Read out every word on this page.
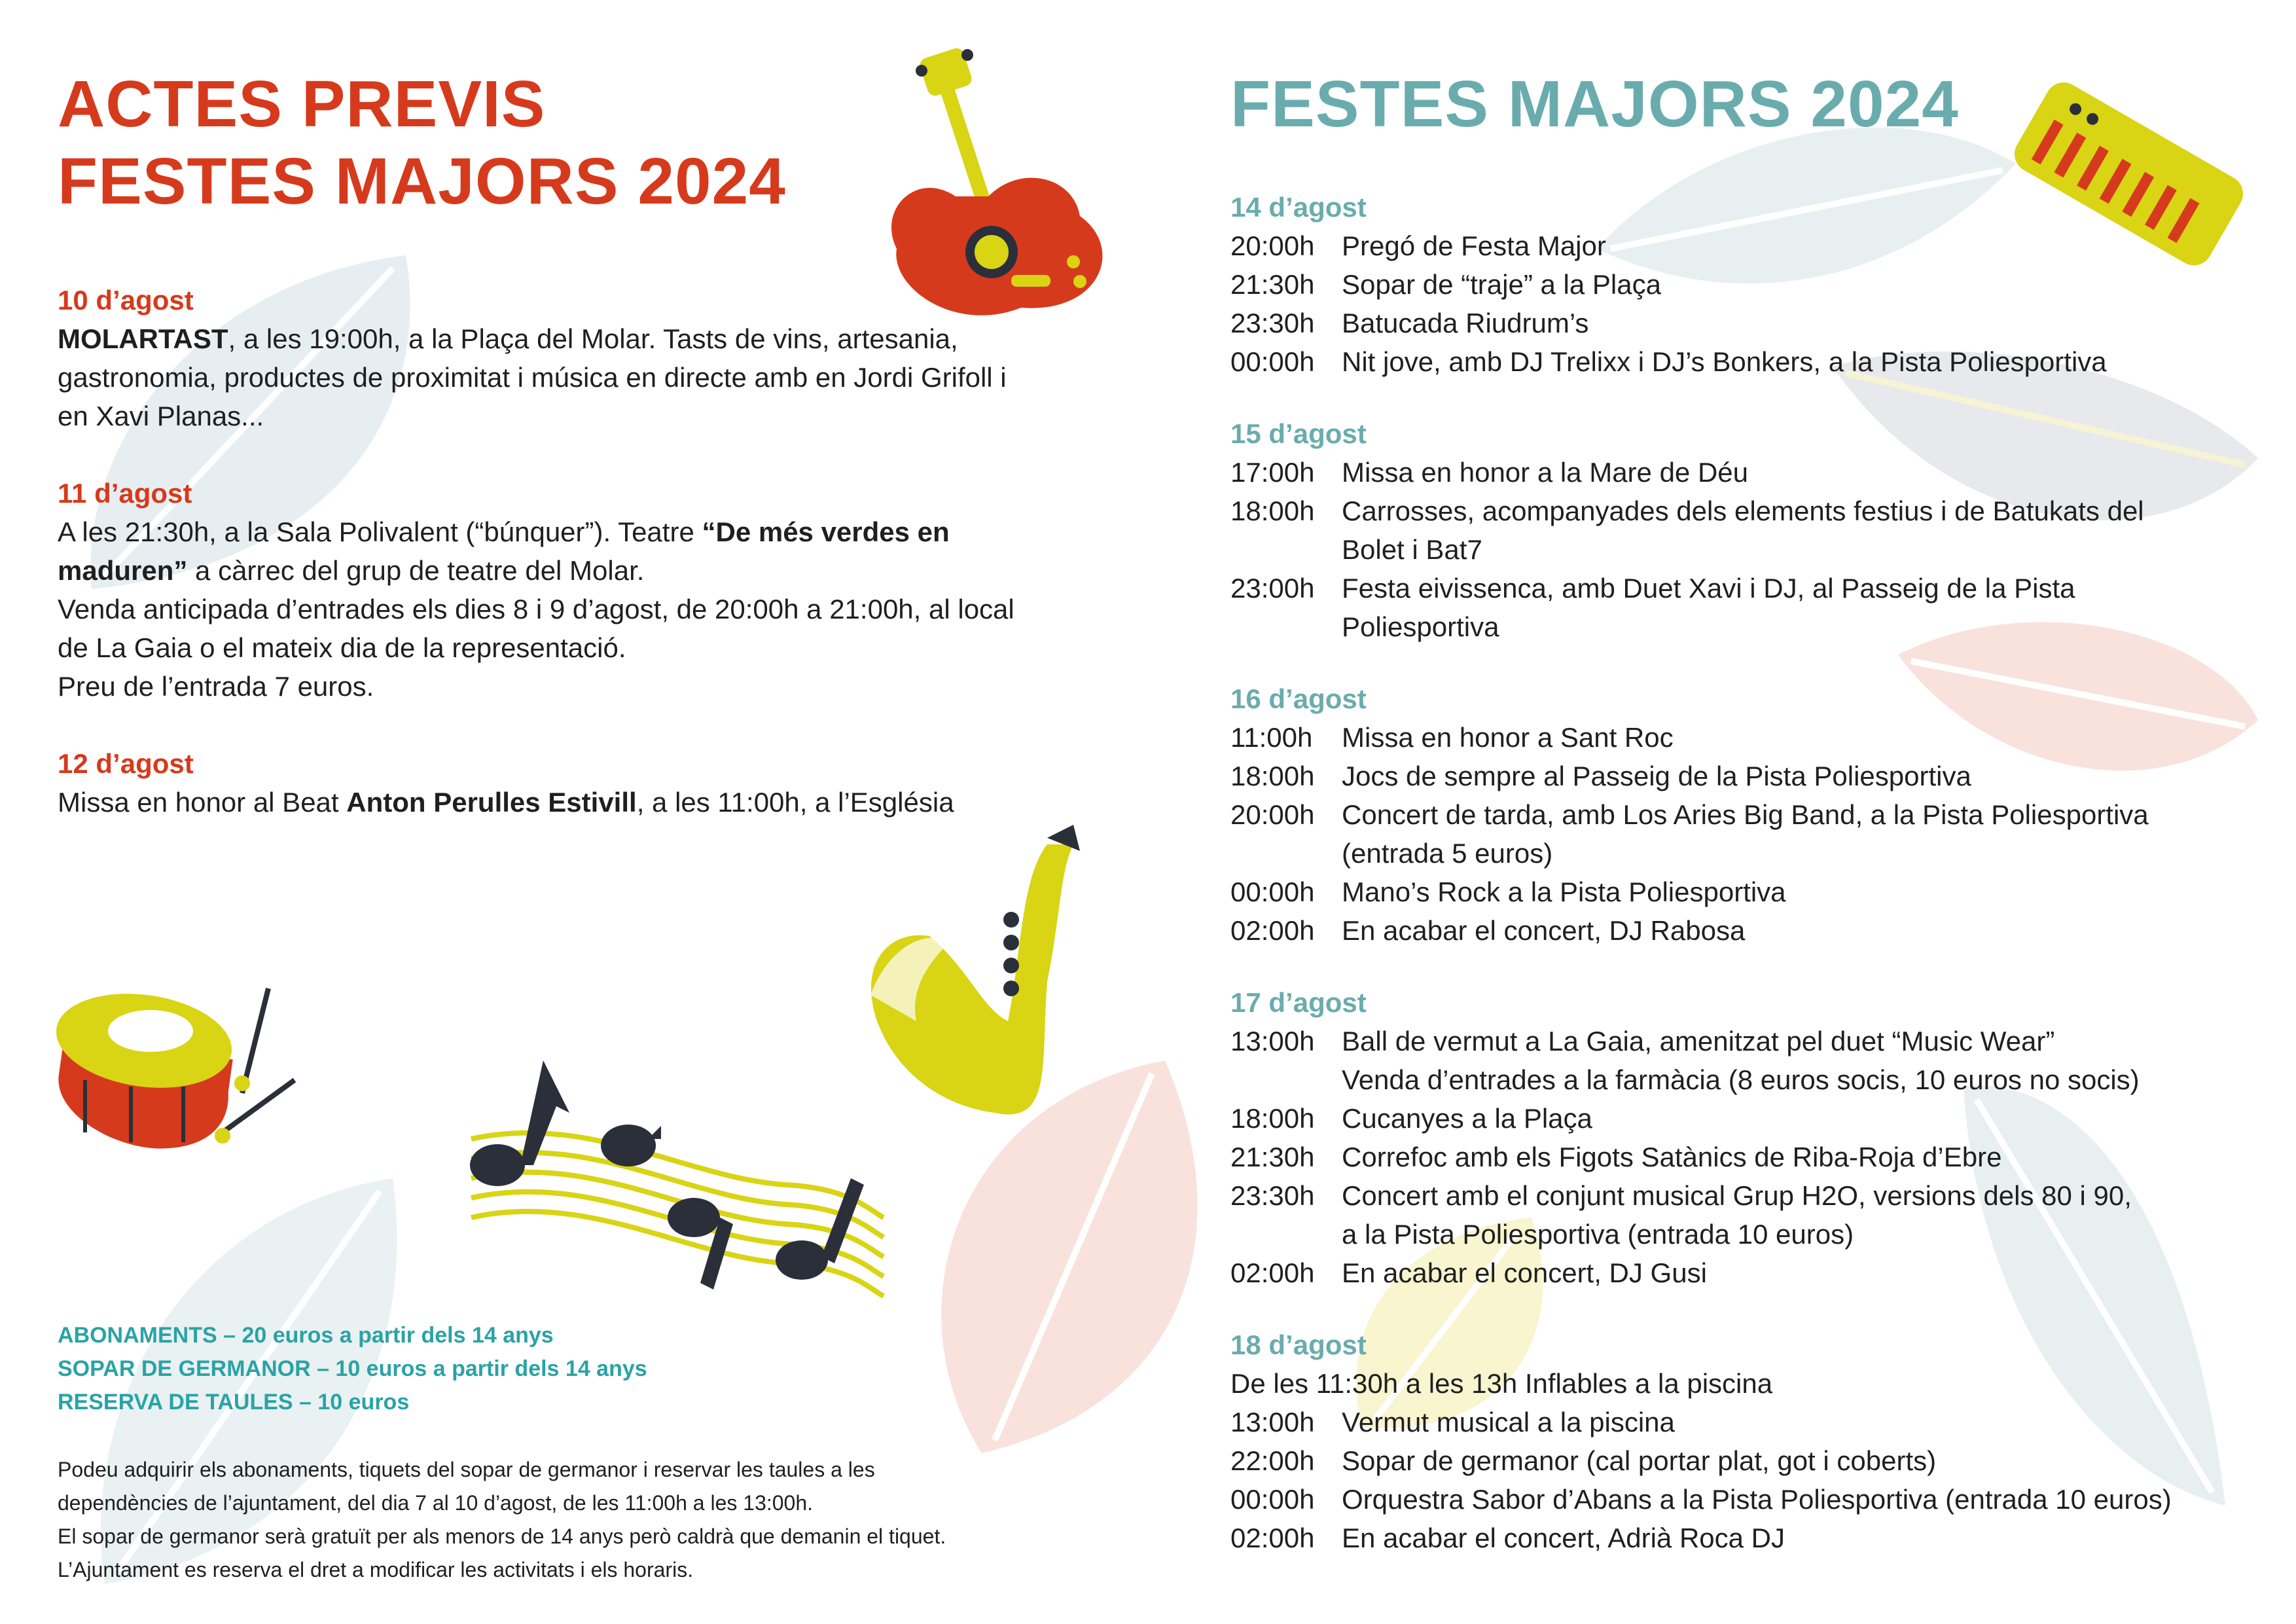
ACTES PREVIS
FESTES MAJORS 2024
10 d’agost
MOLARTAST, a les 19:00h, a la Plaça del Molar. Tasts de vins, artesania,
gastronomia, productes de proximitat i música en directe amb en Jordi Grifoll i
en Xavi Planas...
11 d’agost
A les 21:30h, a la Sala Polivalent (“búnquer”). Teatre “De més verdes en
maduren” a càrrec del grup de teatre del Molar.
Venda anticipada d’entrades els dies 8 i 9 d’agost, de 20:00h a 21:00h, al local
de La Gaia o el mateix dia de la representació.
Preu de l’entrada 7 euros.
12 d’agost
Missa en honor al Beat Anton Perulles Estivill, a les 11:00h, a l’Església
ABONAMENTS – 20 euros a partir dels 14 anys
SOPAR DE GERMANOR – 10 euros a partir dels 14 anys
RESERVA DE TAULES – 10 euros
Podeu adquirir els abonaments, tiquets del sopar de germanor i reservar les taules a les
dependències de l’ajuntament, del dia 7 al 10 d’agost, de les 11:00h a les 13:00h.
El sopar de germanor serà gratuït per als menors de 14 anys però caldrà que demanin el tiquet.
L’Ajuntament es reserva el dret a modificar les activitats i els horaris.
FESTES MAJORS 2024
14 d’agost
20:00h Pregó de Festa Major
21:30h Sopar de “traje” a la Plaça
23:30h Batucada Riudrum’s
00:00h Nit jove, amb DJ Trelixx i DJ’s Bonkers, a la Pista Poliesportiva
15 d’agost
17:00h Missa en honor a la Mare de Déu
18:00h Carrosses, acompanyades dels elements festius i de Batukats del
Bolet i Bat7
23:00h Festa eivissenca, amb Duet Xavi i DJ, al Passeig de la Pista
Poliesportiva
16 d’agost
11:00h	Missa en honor a Sant Roc
18:00h Jocs de sempre al Passeig de la Pista Poliesportiva
20:00h Concert de tarda, amb Los Aries Big Band, a la Pista Poliesportiva
(entrada 5 euros)
00:00h Mano’s Rock a la Pista Poliesportiva
02:00h En acabar el concert, DJ Rabosa
17 d’agost
13:00h Ball de vermut a La Gaia, amenitzat pel duet “Music Wear”
Venda d’entrades a la farmàcia (8 euros socis, 10 euros no socis)
18:00h Cucanyes a la Plaça
21:30h Correfoc amb els Figots Satànics de Riba-Roja d’Ebre
23:30h Concert amb el conjunt musical Grup H2O, versions dels 80 i 90,
a la Pista Poliesportiva (entrada 10 euros)
02:00h En acabar el concert, DJ Gusi
18 d’agost
De les 11:30h a les 13h Inflables a la piscina
13:00h Vermut musical a la piscina
22:00h Sopar de germanor (cal portar plat, got i coberts)
00:00h Orquestra Sabor d’Abans a la Pista Poliesportiva (entrada 10 euros)
02:00h En acabar el concert, Adrià Roca DJ
